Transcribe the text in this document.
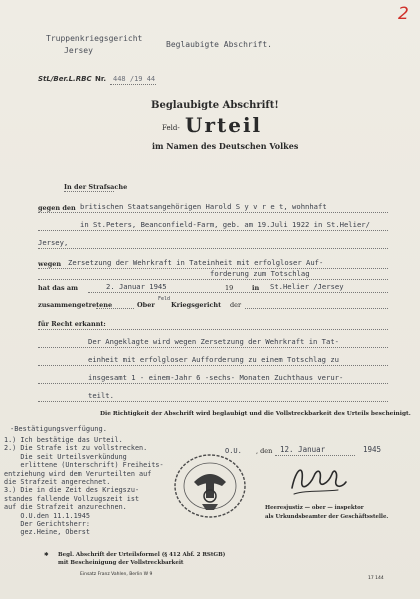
2
Truppenkriegsgericht
Jersey
Beglaubigte Abschrift.
StL/Ber.L.RBC Nr. 448 /19 44
Beglaubigte Abschrift!
Feld- Urteil
im Namen des Deutschen Volkes
In der Strafsache
gegen den britischen Staatsangehörigen Harold S y v r e t, wohnhaft
in St.Peters, Beanconfield-Farm, geb. am 19.Juli 1922 in St.Helier/
Jersey,
wegen Zersetzung der Wehrkraft in Tateinheit mit erfolgloser Auf-
forderung zum Totschlag
hat das am	2. Januar 1945	19	in St.Helier /Jersey
zusammengetretene	Ober
Feld
Kriegsgericht der
für Recht erkannt:
Der Angeklagte wird wegen Zersetzung der Wehrkraft in Tat-
einheit mit erfolgloser Aufforderung zu einem Totschlag zu
insgesamt 1 - einem-Jahr 6 -sechs- Monaten Zuchthaus verur-
teilt.
Die Richtigkeit der Abschrift wird beglaubigt und die Vollstreckbarkeit des Urteils bescheinigt.
-Bestätigungsverfügung.
1.) Ich bestätige das Urteil.
2.) Die Strafe ist zu vollstrecken.
Die seit Urteilsverkündung
erlittene (Unterschrift) Freiheits-
entziehung wird dem Verurteilten auf
die Strafzeit angerechnet.
3.) Die in die Zeit des Kriegszu-
standes fallende Vollzugszeit ist
auf die Strafzeit anzurechnen.
O.U.den 11.1.1945
Der Gerichtsherr:
gez.Heine, Oberst
O.U. , den 12. Januar	1945
Heeresjustiz — ober — inspektor
als Urkundsbeamter der Geschäftsstelle.
✱ Begl. Abschrift der Urteilsformel (§ 412 Abf. 2 RStGB)
mit Bescheinigung der Vollstreckbarkeit
Einsatz Franz Vahlen, Berlin W 9
17 144
